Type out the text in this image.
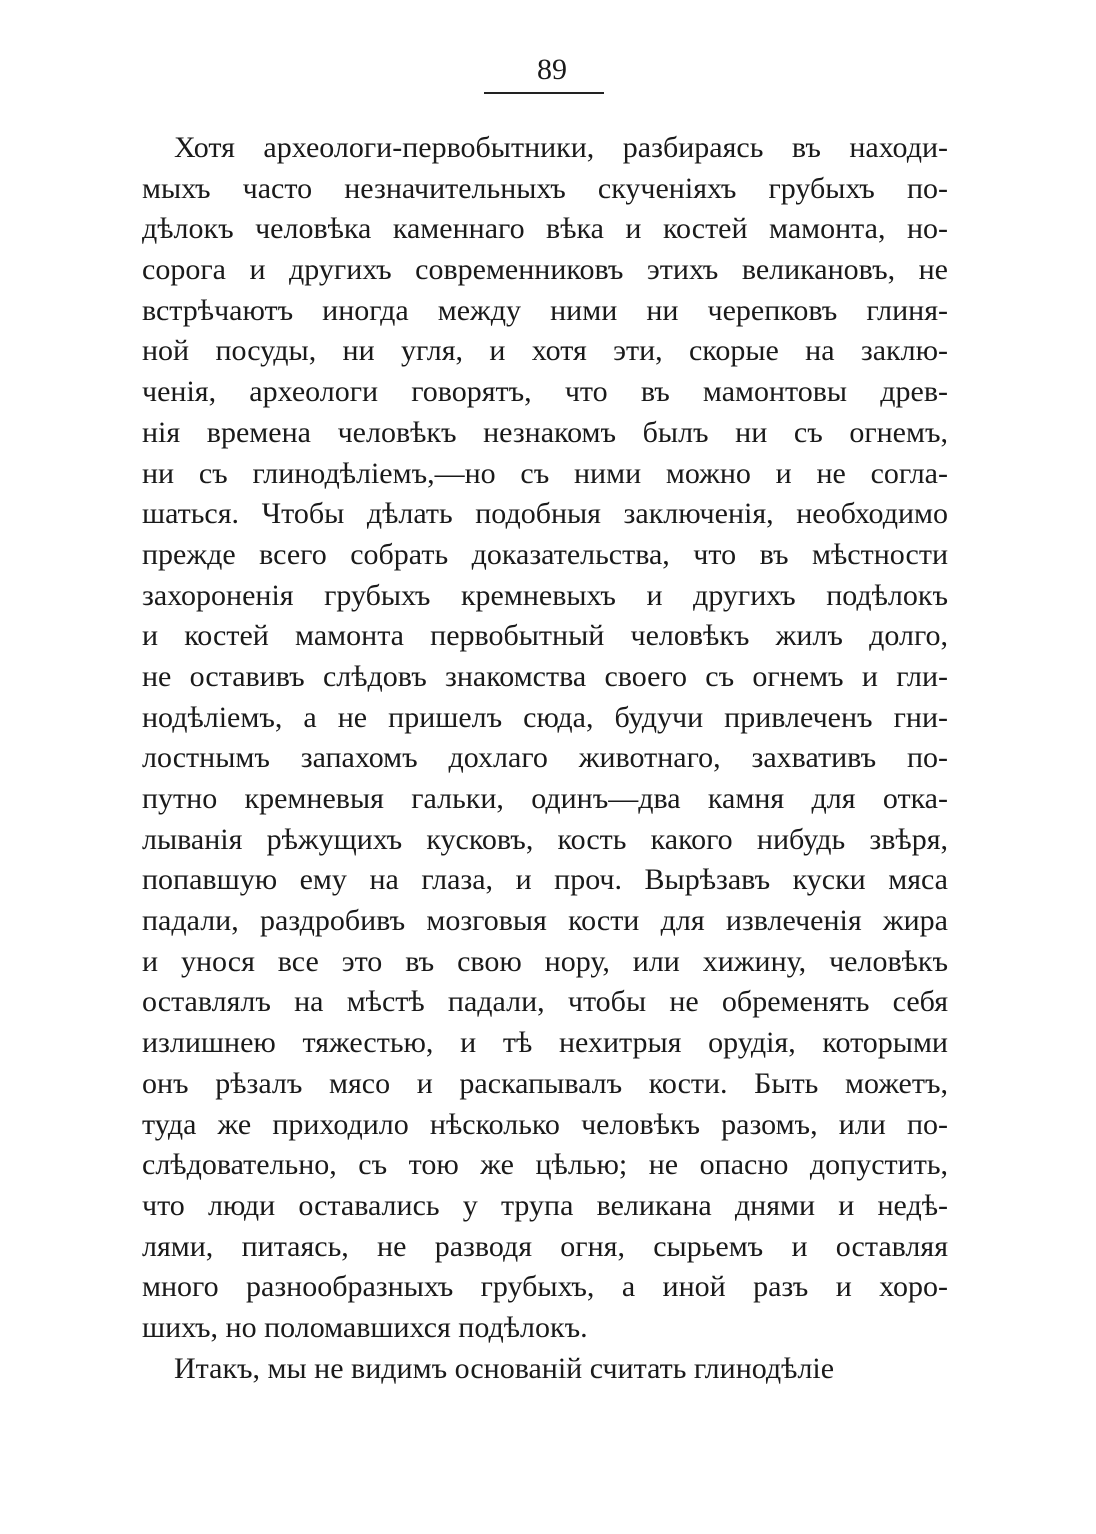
89
Хотя археологи-первобытники, разбираясь въ находи-
мыхъ часто незначительныхъ скученіяхъ грубыхъ по-
дѣлокъ человѣка каменнаго вѣка и костей мамонта, но-
сорога и другихъ современниковъ этихъ великановъ, не
встрѣчаютъ иногда между ними ни черепковъ глиня-
ной посуды, ни угля, и хотя эти, скорые на заклю-
ченія, археологи говорятъ, что въ мамонтовы древ-
нія времена человѣкъ незнакомъ былъ ни съ огнемъ,
ни съ глинодѣліемъ,—но съ ними можно и не согла-
шаться. Чтобы дѣлать подобныя заключенія, необходимо
прежде всего собрать доказательства, что въ мѣстности
захороненія грубыхъ кремневыхъ и другихъ подѣлокъ
и костей мамонта первобытный человѣкъ жилъ долго,
не оставивъ слѣдовъ знакомства своего съ огнемъ и гли-
нодѣліемъ, а не пришелъ сюда, будучи привлеченъ гни-
лостнымъ запахомъ дохлаго животнаго, захвативъ по-
путно кремневыя гальки, одинъ—два камня для отка-
лыванія рѣжущихъ кусковъ, кость какого нибудь звѣря,
попавшую ему на глаза, и проч. Вырѣзавъ куски мяса
падали, раздробивъ мозговыя кости для извлеченія жира
и унося все это въ свою нору, или хижину, человѣкъ
оставлялъ на мѣстѣ падали, чтобы не обременять себя
излишнею тяжестью, и тѣ нехитрыя орудія, которыми
онъ рѣзалъ мясо и раскапывалъ кости. Быть можетъ,
туда же приходило нѣсколько человѣкъ разомъ, или по-
слѣдовательно, съ тою же цѣлью; не опасно допустить,
что люди оставались у трупа великана днями и недѣ-
лями, питаясь, не разводя огня, сырьемъ и оставляя
много разнообразныхъ грубыхъ, а иной разъ и хоро-
шихъ, но поломавшихся подѣлокъ.
Итакъ, мы не видимъ основаній считать глинодѣліе
